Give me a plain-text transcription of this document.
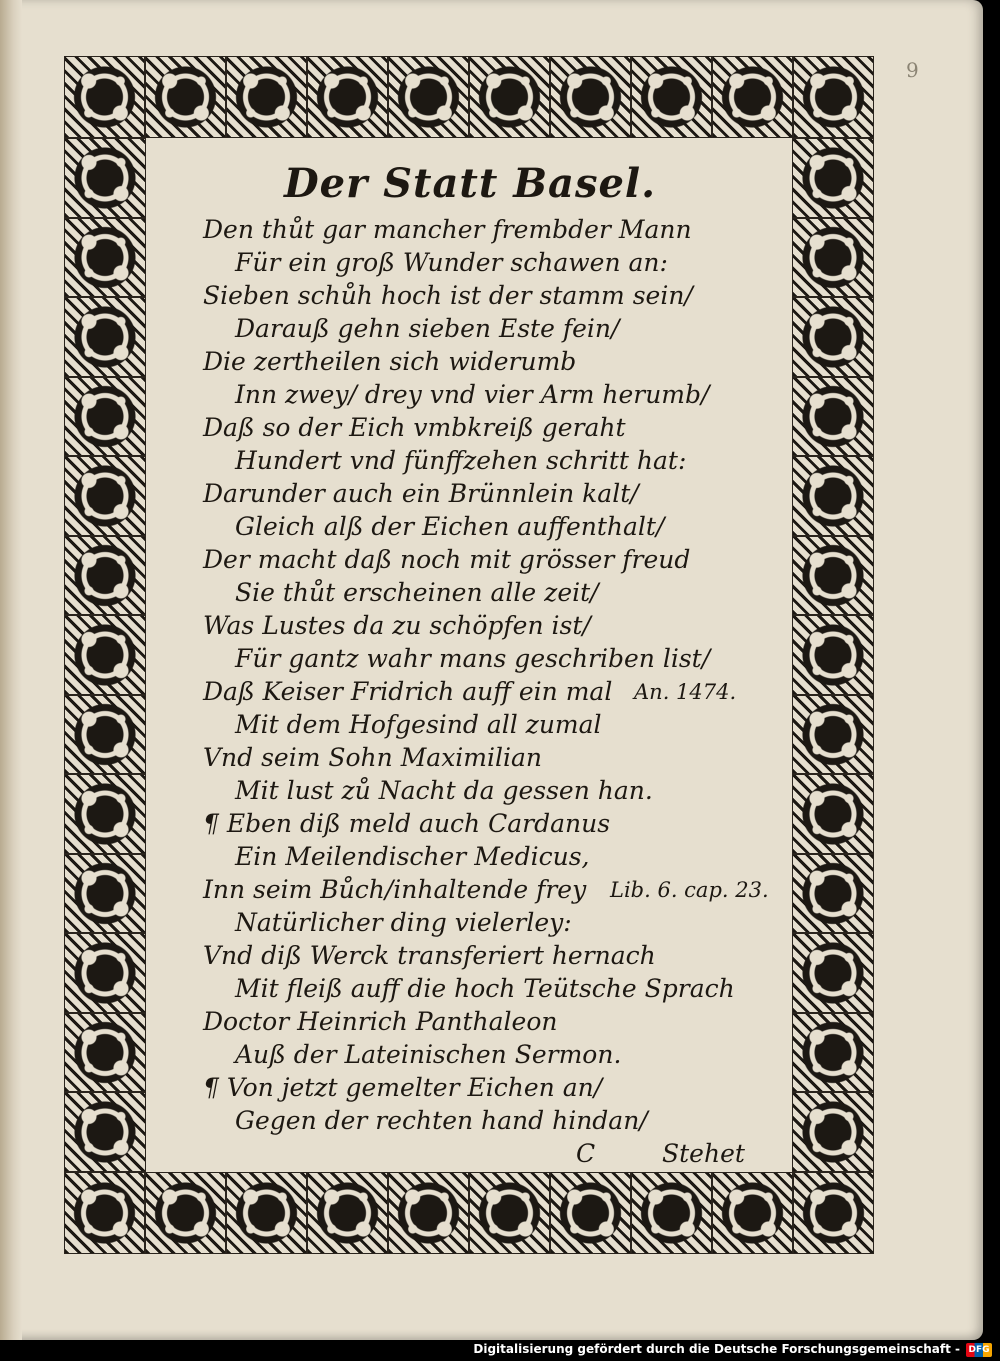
9
Der Statt Basel.
Den thůt gar mancher frembder Mann
Für ein groß Wunder schawen an:
Sieben schůh hoch ist der stamm sein/
Darauß gehn sieben Este fein/
Die zertheilen sich widerumb
Inn zwey/ drey vnd vier Arm herumb/
Daß so der Eich vmbkreiß geraht
Hundert vnd fünffzehen schritt hat:
Darunder auch ein Brünnlein kalt/
Gleich alß der Eichen auffenthalt/
Der macht daß noch mit grösser freud
Sie thůt erscheinen alle zeit/
Was Lustes da zu schöpfen ist/
Für gantz wahr mans geschriben list/
Daß Keiser Fridrich auff ein mal An. 1474.
Mit dem Hofgesind all zumal
Vnd seim Sohn Maximilian
Mit lust zů Nacht da gessen han.
¶ Eben diß meld auch Cardanus
Ein Meilendischer Medicus,
Inn seim Bůch/inhaltende frey Lib. 6. cap. 23.
Natürlicher ding vielerley:
Vnd diß Werck transferiert hernach
Mit fleiß auff die hoch Teütsche Sprach
Doctor Heinrich Panthaleon
Auß der Lateinischen Sermon.
¶ Von jetzt gemelter Eichen an/
Gegen der rechten hand hindan/
C	Stehet
Digitalisierung gefördert durch die Deutsche Forschungsgemeinschaft - DFG
